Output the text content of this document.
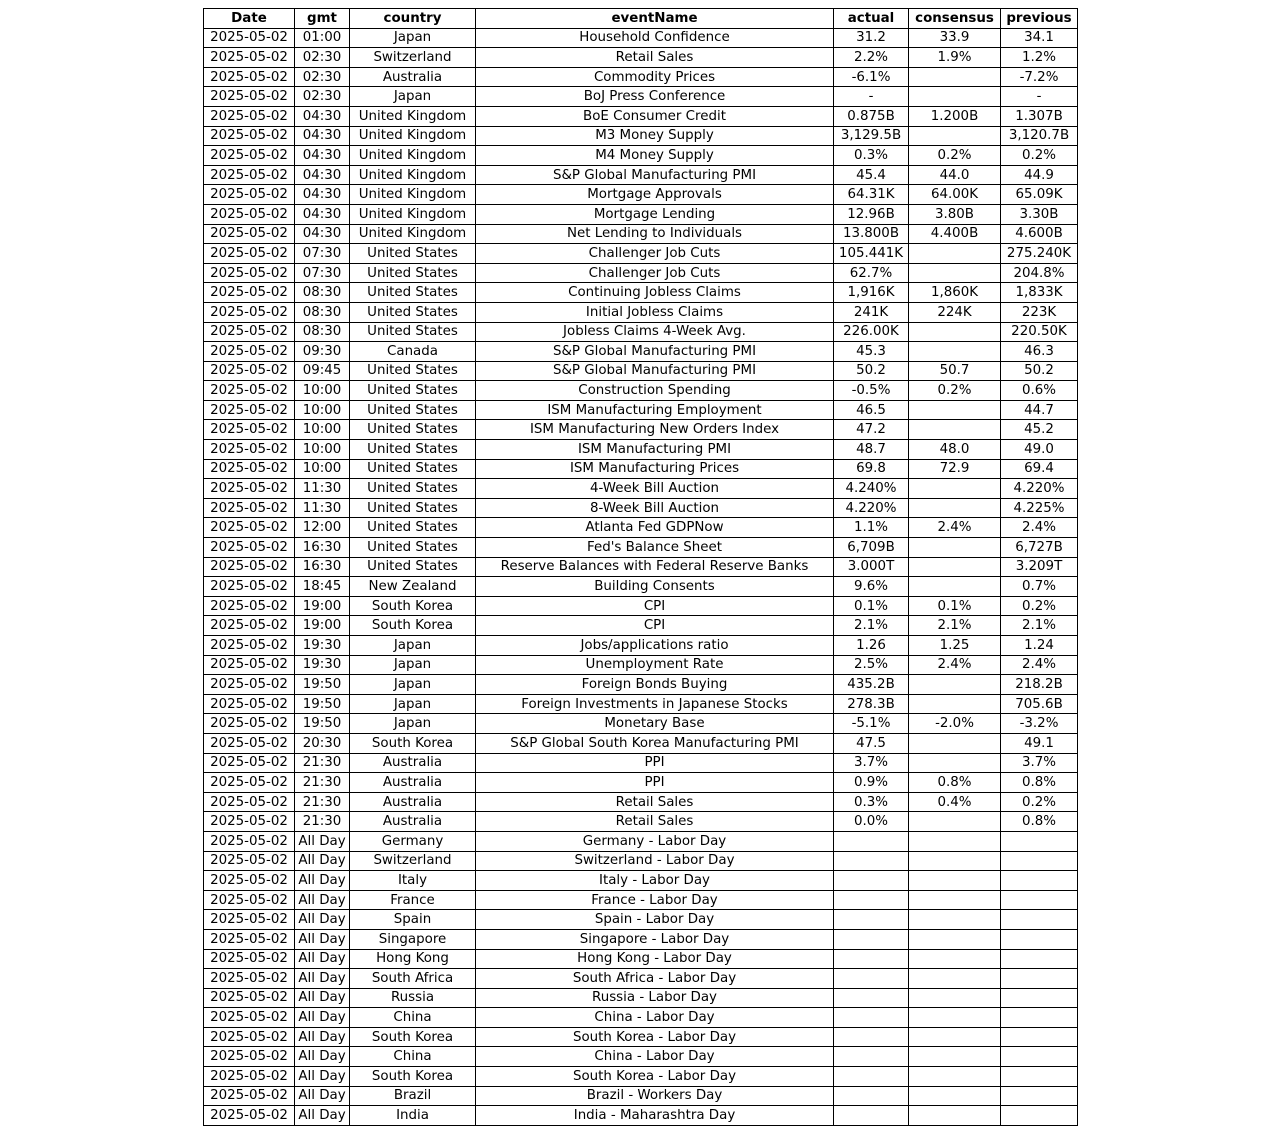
Date	gmt	country	eventName	actual	consensus	previous
2025-05-02	01:00	Japan	Household Confidence	31.2	33.9	34.1
2025-05-02	02:30	Switzerland	Retail Sales	2.2%	1.9%	1.2%
2025-05-02	02:30	Australia	Commodity Prices	-6.1%		-7.2%
2025-05-02	02:30	Japan	BoJ Press Conference	-		-
2025-05-02	04:30	United Kingdom	BoE Consumer Credit	0.875B	1.200B	1.307B
2025-05-02	04:30	United Kingdom	M3 Money Supply	3,129.5B		3,120.7B
2025-05-02	04:30	United Kingdom	M4 Money Supply	0.3%	0.2%	0.2%
2025-05-02	04:30	United Kingdom	S&P Global Manufacturing PMI	45.4	44.0	44.9
2025-05-02	04:30	United Kingdom	Mortgage Approvals	64.31K	64.00K	65.09K
2025-05-02	04:30	United Kingdom	Mortgage Lending	12.96B	3.80B	3.30B
2025-05-02	04:30	United Kingdom	Net Lending to Individuals	13.800B	4.400B	4.600B
2025-05-02	07:30	United States	Challenger Job Cuts	105.441K		275.240K
2025-05-02	07:30	United States	Challenger Job Cuts	62.7%		204.8%
2025-05-02	08:30	United States	Continuing Jobless Claims	1,916K	1,860K	1,833K
2025-05-02	08:30	United States	Initial Jobless Claims	241K	224K	223K
2025-05-02	08:30	United States	Jobless Claims 4-Week Avg.	226.00K		220.50K
2025-05-02	09:30	Canada	S&P Global Manufacturing PMI	45.3		46.3
2025-05-02	09:45	United States	S&P Global Manufacturing PMI	50.2	50.7	50.2
2025-05-02	10:00	United States	Construction Spending	-0.5%	0.2%	0.6%
2025-05-02	10:00	United States	ISM Manufacturing Employment	46.5		44.7
2025-05-02	10:00	United States	ISM Manufacturing New Orders Index	47.2		45.2
2025-05-02	10:00	United States	ISM Manufacturing PMI	48.7	48.0	49.0
2025-05-02	10:00	United States	ISM Manufacturing Prices	69.8	72.9	69.4
2025-05-02	11:30	United States	4-Week Bill Auction	4.240%		4.220%
2025-05-02	11:30	United States	8-Week Bill Auction	4.220%		4.225%
2025-05-02	12:00	United States	Atlanta Fed GDPNow	1.1%	2.4%	2.4%
2025-05-02	16:30	United States	Fed's Balance Sheet	6,709B		6,727B
2025-05-02	16:30	United States	Reserve Balances with Federal Reserve Banks	3.000T		3.209T
2025-05-02	18:45	New Zealand	Building Consents	9.6%		0.7%
2025-05-02	19:00	South Korea	CPI	0.1%	0.1%	0.2%
2025-05-02	19:00	South Korea	CPI	2.1%	2.1%	2.1%
2025-05-02	19:30	Japan	Jobs/applications ratio	1.26	1.25	1.24
2025-05-02	19:30	Japan	Unemployment Rate	2.5%	2.4%	2.4%
2025-05-02	19:50	Japan	Foreign Bonds Buying	435.2B		218.2B
2025-05-02	19:50	Japan	Foreign Investments in Japanese Stocks	278.3B		705.6B
2025-05-02	19:50	Japan	Monetary Base	-5.1%	-2.0%	-3.2%
2025-05-02	20:30	South Korea	S&P Global South Korea Manufacturing PMI	47.5		49.1
2025-05-02	21:30	Australia	PPI	3.7%		3.7%
2025-05-02	21:30	Australia	PPI	0.9%	0.8%	0.8%
2025-05-02	21:30	Australia	Retail Sales	0.3%	0.4%	0.2%
2025-05-02	21:30	Australia	Retail Sales	0.0%		0.8%
2025-05-02	All Day	Germany	Germany - Labor Day			
2025-05-02	All Day	Switzerland	Switzerland - Labor Day			
2025-05-02	All Day	Italy	Italy - Labor Day			
2025-05-02	All Day	France	France - Labor Day			
2025-05-02	All Day	Spain	Spain - Labor Day			
2025-05-02	All Day	Singapore	Singapore - Labor Day			
2025-05-02	All Day	Hong Kong	Hong Kong - Labor Day			
2025-05-02	All Day	South Africa	South Africa - Labor Day			
2025-05-02	All Day	Russia	Russia - Labor Day			
2025-05-02	All Day	China	China - Labor Day			
2025-05-02	All Day	South Korea	South Korea - Labor Day			
2025-05-02	All Day	China	China - Labor Day			
2025-05-02	All Day	South Korea	South Korea - Labor Day			
2025-05-02	All Day	Brazil	Brazil - Workers Day			
2025-05-02	All Day	India	India - Maharashtra Day			
